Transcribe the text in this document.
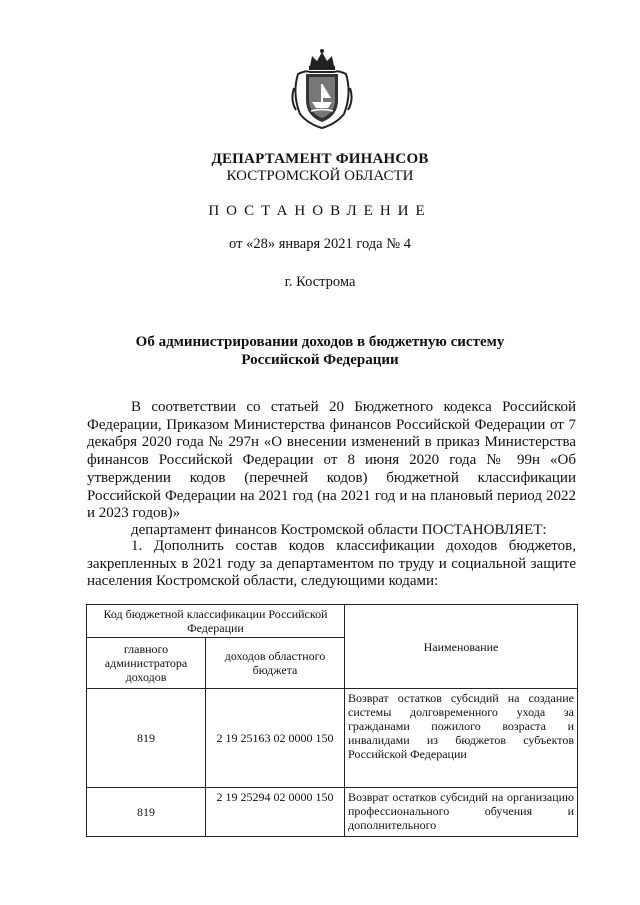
ДЕПАРТАМЕНТ ФИНАНСОВ
КОСТРОМСКОЙ ОБЛАСТИ
ПОСТАНОВЛЕНИЕ
от «28» января 2021 года № 4
г. Кострома
Об администрировании доходов в бюджетную систему
Российской Федерации
В соответствии со статьей 20 Бюджетного кодекса Российской Федерации, Приказом Министерства финансов Российской Федерации от 7 декабря 2020 года № 297н «О внесении изменений в приказ Министерства финансов Российской Федерации от 8 июня 2020 года № 99н «Об утверждении кодов (перечней кодов) бюджетной классификации Российской Федерации на 2021 год (на 2021 год и на плановый период 2022 и 2023 годов)»
департамент финансов Костромской области ПОСТАНОВЛЯЕТ:
1. Дополнить состав кодов классификации доходов бюджетов, закрепленных в 2021 году за департаментом по труду и социальной защите населения Костромской области, следующими кодами:
Код бюджетной классификации Российской Федерации		Наименование
главного администратора доходов	доходов областного бюджета	
819	2 19 25163 02 0000 150	Возврат остатков субсидий на создание системы долговременного ухода за гражданами пожилого возраста и инвалидами из бюджетов субъектов Российской Федерации
819	2 19 25294 02 0000 150	Возврат остатков субсидий на организацию профессионального обучения и дополнительного
